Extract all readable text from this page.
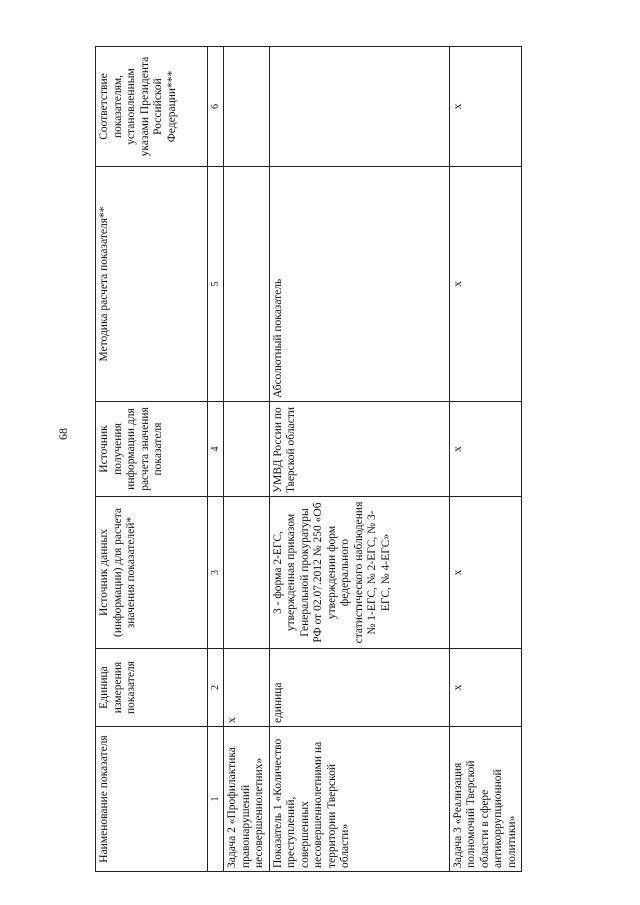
68
Наименование показателя	Единица измерения показателя	Источник данных (информации) для расчета значения показателей*	Источник получения информации для расчета значения показателя	Методика расчета показателя**	Соответствие показателям, установленным указами Президента Российской Федерации***
1	2	3	4	5	6
Задача 2 «Профилактика правонарушений несовершеннолетних»	х				
Показатель 1 «Количество преступлений, совершенных несовершеннолетними на территории Тверской области»	единица	3 - форма 2-ЕГС, утвержденная приказом Генеральной прокуратуры РФ от 02.07.2012 № 250 «Об утверждении форм федерального статистического наблюдения № 1-ЕГС, № 2-ЕГС, № 3-ЕГС, № 4-ЕГС»	УМВД России по Тверской области	Абсолютный показатель	
Задача 3 «Реализация полномочий Тверской области в сфере антикоррупционной политики»	х	х	х	х	х
